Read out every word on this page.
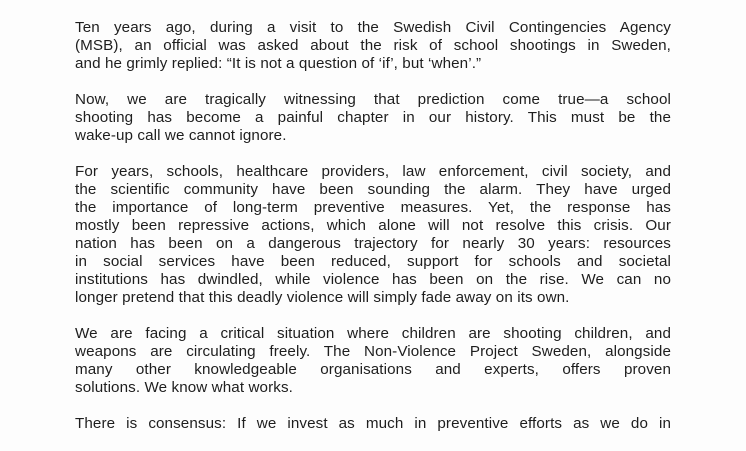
Ten years ago, during a visit to the Swedish Civil Contingencies Agency
(MSB), an official was asked about the risk of school shootings in Sweden,
and he grimly replied: “It is not a question of ‘if’, but ‘when’.”

Now, we are tragically witnessing that prediction come true—a school
shooting has become a painful chapter in our history. This must be the
wake-up call we cannot ignore.

For years, schools, healthcare providers, law enforcement, civil society, and
the scientific community have been sounding the alarm. They have urged
the importance of long-term preventive measures. Yet, the response has
mostly been repressive actions, which alone will not resolve this crisis. Our
nation has been on a dangerous trajectory for nearly 30 years: resources
in social services have been reduced, support for schools and societal
institutions has dwindled, while violence has been on the rise. We can no
longer pretend that this deadly violence will simply fade away on its own.

We are facing a critical situation where children are shooting children, and
weapons are circulating freely. The Non-Violence Project Sweden, alongside
many other knowledgeable organisations and experts, offers proven
solutions. We know what works.

There is consensus: If we invest as much in preventive efforts as we do in
